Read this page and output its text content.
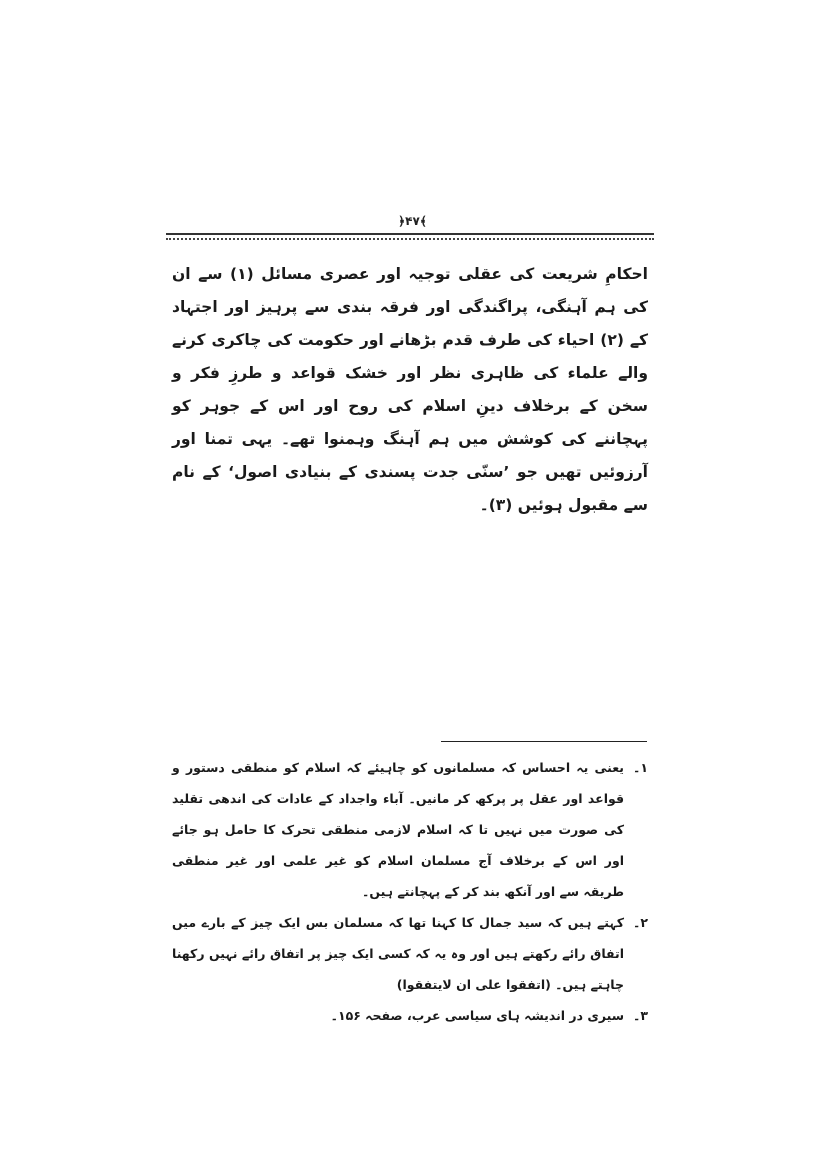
﴿۴۷﴾

احکامِ شریعت کی عقلی توجیہ اور عصری مسائل (۱) سے ان کی ہم آہنگی، پراگندگی اور فرقہ بندی سے پرہیز اور اجتہاد کے (۲) احیاء کی طرف قدم بڑھانے اور حکومت کی چاکری کرنے والے علماء کی ظاہری نظر اور خشک قواعد و طرزِ فکر و سخن کے برخلاف دینِ اسلام کی روح اور اس کے جوہر کو پہچاننے کی کوشش میں ہم آہنگ وہمنوا تھے۔ یہی تمنا اور آرزوئیں تھیں جو ’سنّی جدت پسندی کے بنیادی اصول‘ کے نام سے مقبول ہوئیں (۳)۔

۱۔
یعنی یہ احساس کہ مسلمانوں کو چاہیئے کہ اسلام کو منطقی دستور و قواعد اور عقل پر پرکھ کر مانیں۔ آباء واجداد کے عادات کی اندھی تقلید کی صورت میں نہیں تا کہ اسلام لازمی منطقی تحرک کا حامل ہو جائے اور اس کے برخلاف آج مسلمان اسلام کو غیر علمی اور غیر منطقی طریقہ سے اور آنکھ بند کر کے پہچانتے ہیں۔
۲۔
کہتے ہیں کہ سید جمال کا کہنا تھا کہ مسلمان بس ایک چیز کے بارے میں اتفاق رائے رکھتے ہیں اور وہ یہ کہ کسی ایک چیز پر اتفاق رائے نہیں رکھنا چاہتے ہیں۔ (اتفقوا علی ان لایتفقوا)
۳۔
سیری در اندیشہ ہای سیاسی عرب، صفحہ ۱۵۶۔
